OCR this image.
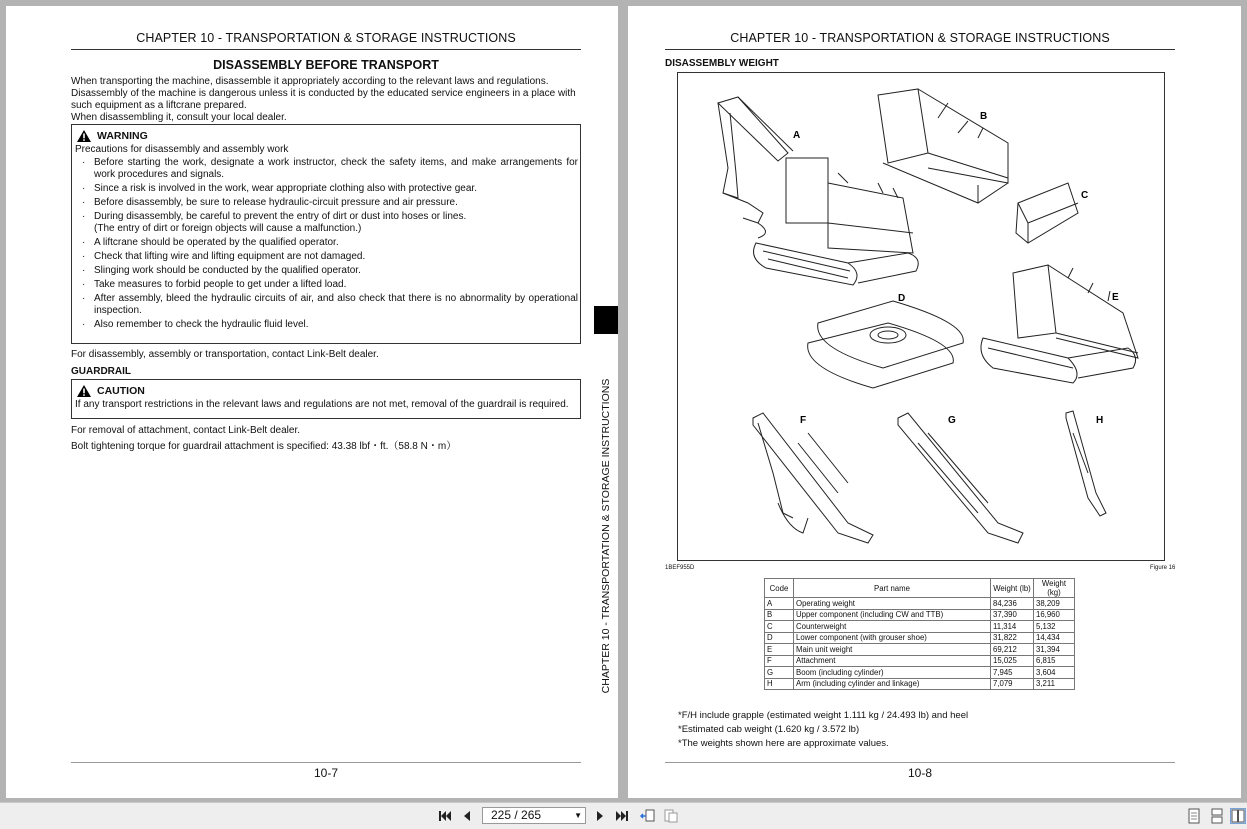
CHAPTER 10 - TRANSPORTATION & STORAGE INSTRUCTIONS
DISASSEMBLY BEFORE TRANSPORT
When transporting the machine, disassemble it appropriately according to the relevant laws and regulations.
Disassembly of the machine is dangerous unless it is conducted by the educated service engineers in a place with such equipment as a liftcrane prepared.
When disassembling it, consult your local dealer.
WARNING
Precautions for disassembly and assembly work
· Before starting the work, designate a work instructor, check the safety items, and make arrangements for work procedures and signals.
· Since a risk is involved in the work, wear appropriate clothing also with protective gear.
· Before disassembly, be sure to release hydraulic-circuit pressure and air pressure.
· During disassembly, be careful to prevent the entry of dirt or dust into hoses or lines.
(The entry of dirt or foreign objects will cause a malfunction.)
· A liftcrane should be operated by the qualified operator.
· Check that lifting wire and lifting equipment are not damaged.
· Slinging work should be conducted by the qualified operator.
· Take measures to forbid people to get under a lifted load.
· After assembly, bleed the hydraulic circuits of air, and also check that there is no abnormality by operational inspection.
· Also remember to check the hydraulic fluid level.
For disassembly, assembly or transportation, contact Link-Belt dealer.
GUARDRAIL
CAUTION
If any transport restrictions in the relevant laws and regulations are not met, removal of the guardrail is required.
For removal of attachment, contact Link-Belt dealer.
Bolt tightening torque for guardrail attachment is specified: 43.38 lbf・ft.（58.8 N・m）
10-7
CHAPTER 10 - TRANSPORTATION & STORAGE INSTRUCTIONS
CHAPTER 10 - TRANSPORTATION & STORAGE INSTRUCTIONS
DISASSEMBLY WEIGHT
A
B
C
D	E
F	G	H
1BEF955D	Figure 16
Code	Part name	Weight (lb)	Weight
(kg)
A	Operating weight	84,236	38,209
B	Upper component (including CW and TTB)	37,390	16,960
C	Counterweight	11,314	5,132
D	Lower component (with grouser shoe)	31,822	14,434
E	Main unit weight	69,212	31,394
F	Attachment	15,025	6,815
G	Boom (including cylinder)	7,945	3,604
H	Arm (including cylinder and linkage)	7,079	3,211
*F/H include grapple (estimated weight 1.111 kg / 24.493 lb) and heel
*Estimated cab weight (1.620 kg / 3.572 lb)
*The weights shown here are approximate values.
10-8
225 / 265	▼
